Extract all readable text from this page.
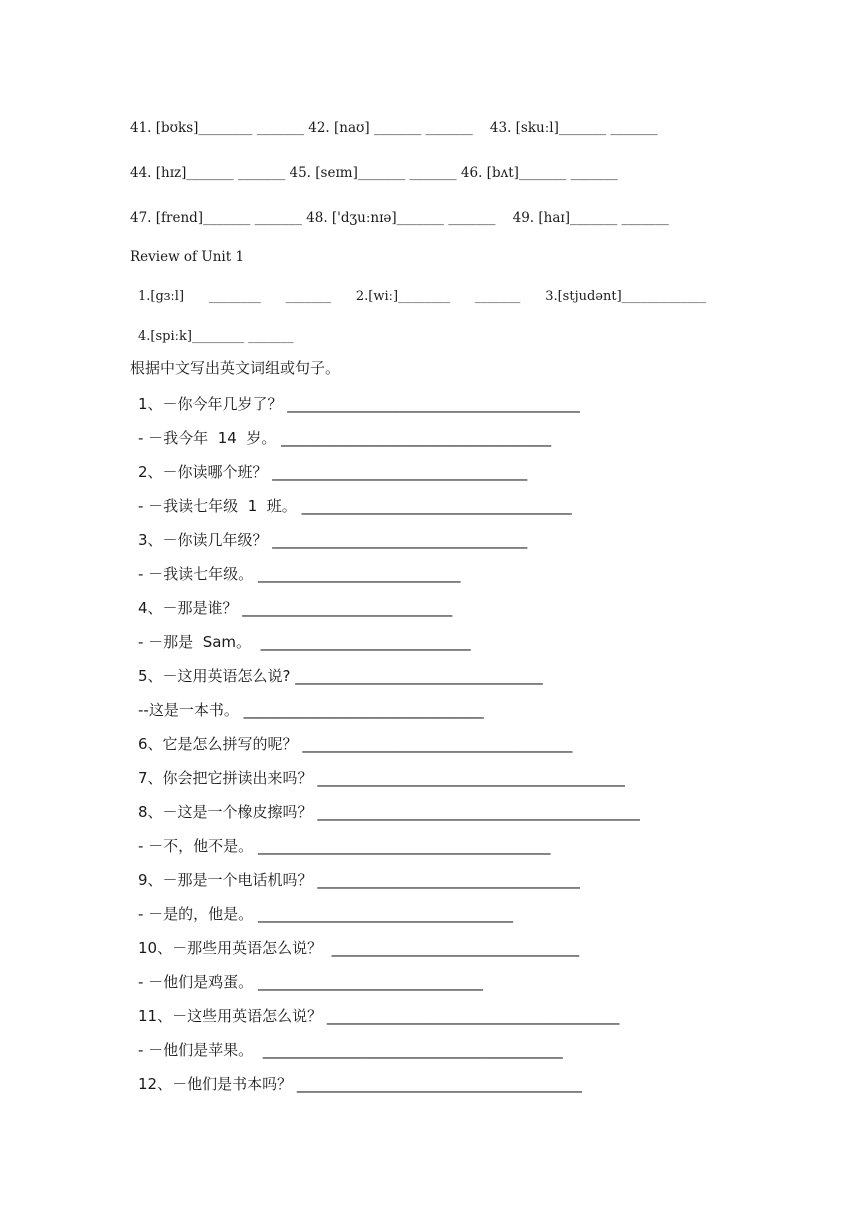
41. [bʊks]________ _______ 42. [naʊ] _______ _______    43. [skuːl]_______ _______
44. [hɪz]_______ _______ 45. [seɪm]_______ _______ 46. [bʌt]_______ _______
47. [frend]_______ _______ 48. ['dʒuːnɪə]_______ _______    49. [haɪ]_______ _______
Review of Unit 1
1.[gɜːl]      ________      _______      2.[wiː]________      _______      3.[stjudənt]_____________
4.[spiːk]________ _______
根据中文写出英文词组或句子。
1、－你今年几岁了？ _______________________________________
- －我今年  14  岁。 ____________________________________
2、－你读哪个班？ __________________________________
- －我读七年级  1  班。 ____________________________________
3、－你读几年级？ __________________________________
- －我读七年级。 ___________________________
4、－那是谁？ ____________________________
- －那是  Sam。  ____________________________
5、－这用英语怎么说? _________________________________
--这是一本书。 ________________________________
6、它是怎么拼写的呢？ ____________________________________
7、你会把它拼读出来吗？ _________________________________________
8、－这是一个橡皮擦吗？ ___________________________________________
- －不，他不是。 _______________________________________
9、－那是一个电话机吗？ ___________________________________
- －是的，他是。 __________________________________
10、－那些用英语怎么说？  _________________________________
- －他们是鸡蛋。 ______________________________
11、－这些用英语怎么说？ _______________________________________
- －他们是苹果。  ________________________________________
12、－他们是书本吗？ ______________________________________
